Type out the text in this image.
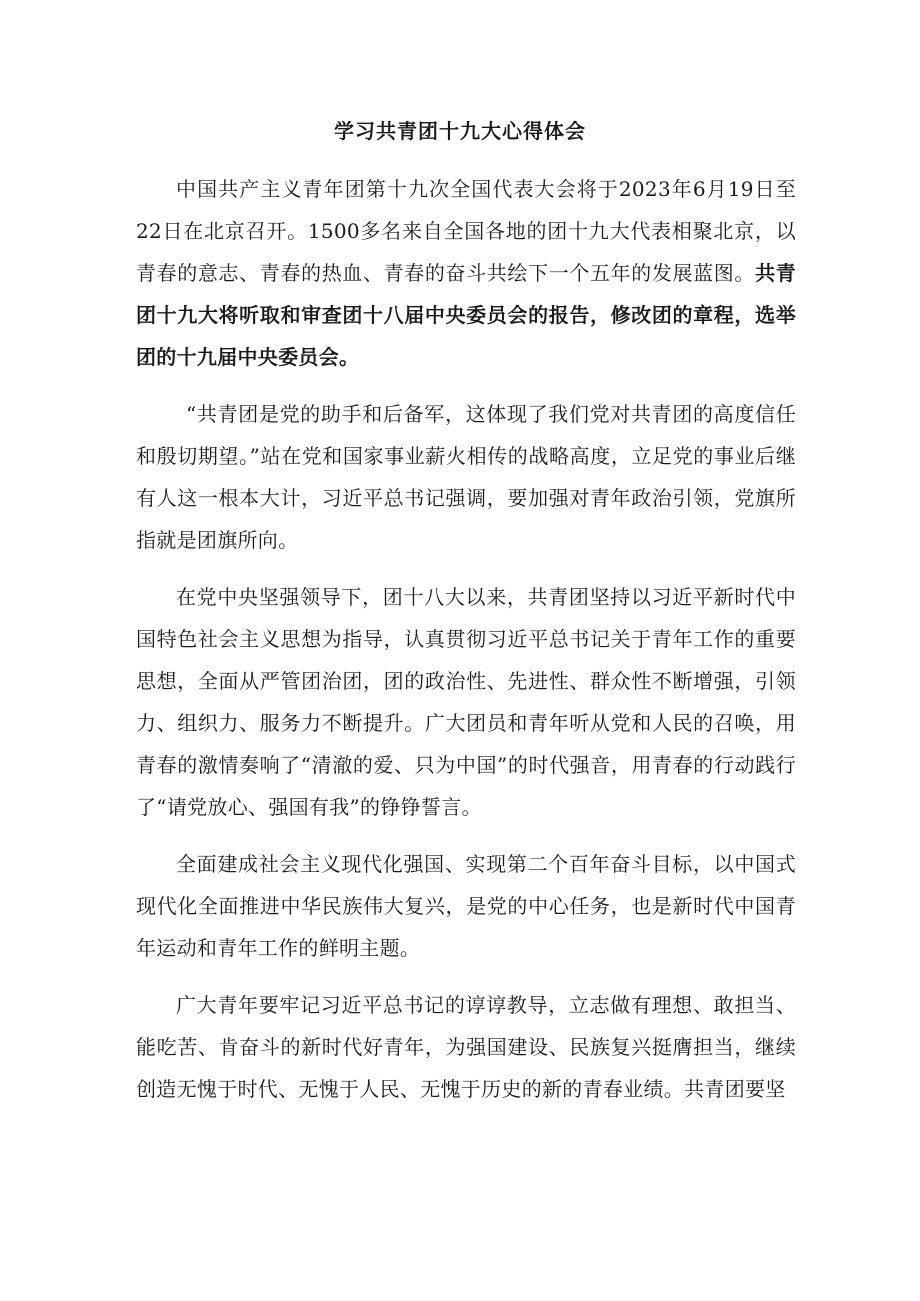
学习共青团十九大心得体会

中国共产主义青年团第十九次全国代表大会将于2023年6月19日至22日在北京召开。1500多名来自全国各地的团十九大代表相聚北京，以青春的意志、青春的热血、青春的奋斗共绘下一个五年的发展蓝图。共青团十九大将听取和审查团十八届中央委员会的报告，修改团的章程，选举团的十九届中央委员会。

“共青团是党的助手和后备军，这体现了我们党对共青团的高度信任和殷切期望。”站在党和国家事业薪火相传的战略高度，立足党的事业后继有人这一根本大计，习近平总书记强调，要加强对青年政治引领，党旗所指就是团旗所向。

在党中央坚强领导下，团十八大以来，共青团坚持以习近平新时代中国特色社会主义思想为指导，认真贯彻习近平总书记关于青年工作的重要思想，全面从严管团治团，团的政治性、先进性、群众性不断增强，引领力、组织力、服务力不断提升。广大团员和青年听从党和人民的召唤，用青春的激情奏响了“清澈的爱、只为中国”的时代强音，用青春的行动践行了“请党放心、强国有我”的铮铮誓言。

全面建成社会主义现代化强国、实现第二个百年奋斗目标，以中国式现代化全面推进中华民族伟大复兴，是党的中心任务，也是新时代中国青年运动和青年工作的鲜明主题。

广大青年要牢记习近平总书记的谆谆教导，立志做有理想、敢担当、能吃苦、肯奋斗的新时代好青年，为强国建设、民族复兴挺膺担当，继续创造无愧于时代、无愧于人民、无愧于历史的新的青春业绩。共青团要坚
